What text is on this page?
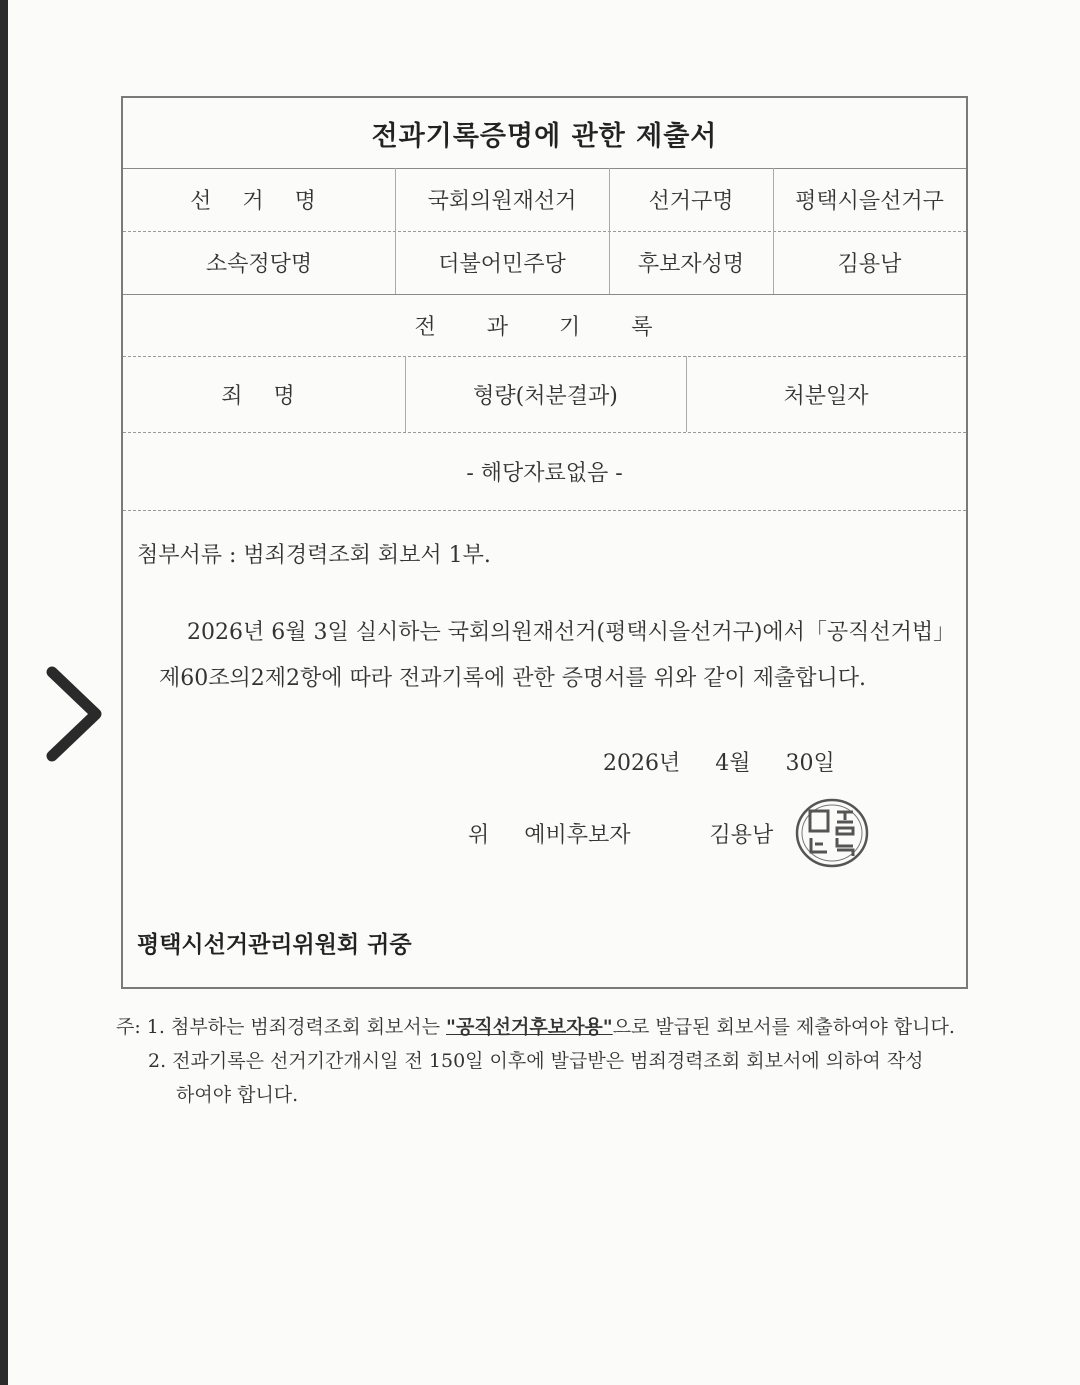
전과기록증명에 관한 제출서
선 거 명	국회의원재선거	선거구명	평택시을선거구
소속정당명	더불어민주당	후보자성명	김용남
전 과 기 록
죄 명	형량(처분결과)	처분일자
- 해당자료없음 -
첨부서류 : 범죄경력조회 회보서 1부.
2026년 6월 3일 실시하는 국회의원재선거(평택시을선거구)에서「공직선거법」
제60조의2제2항에 따라 전과기록에 관한 증명서를 위와 같이 제출합니다.
2026년 4월 30일
위 예비후보자	김용남
평택시선거관리위원회 귀중
주: 1. 첨부하는 범죄경력조회 회보서는 "공직선거후보자용"으로 발급된 회보서를 제출하여야 합니다.
2. 전과기록은 선거기간개시일 전 150일 이후에 발급받은 범죄경력조회 회보서에 의하여 작성
하여야 합니다.
